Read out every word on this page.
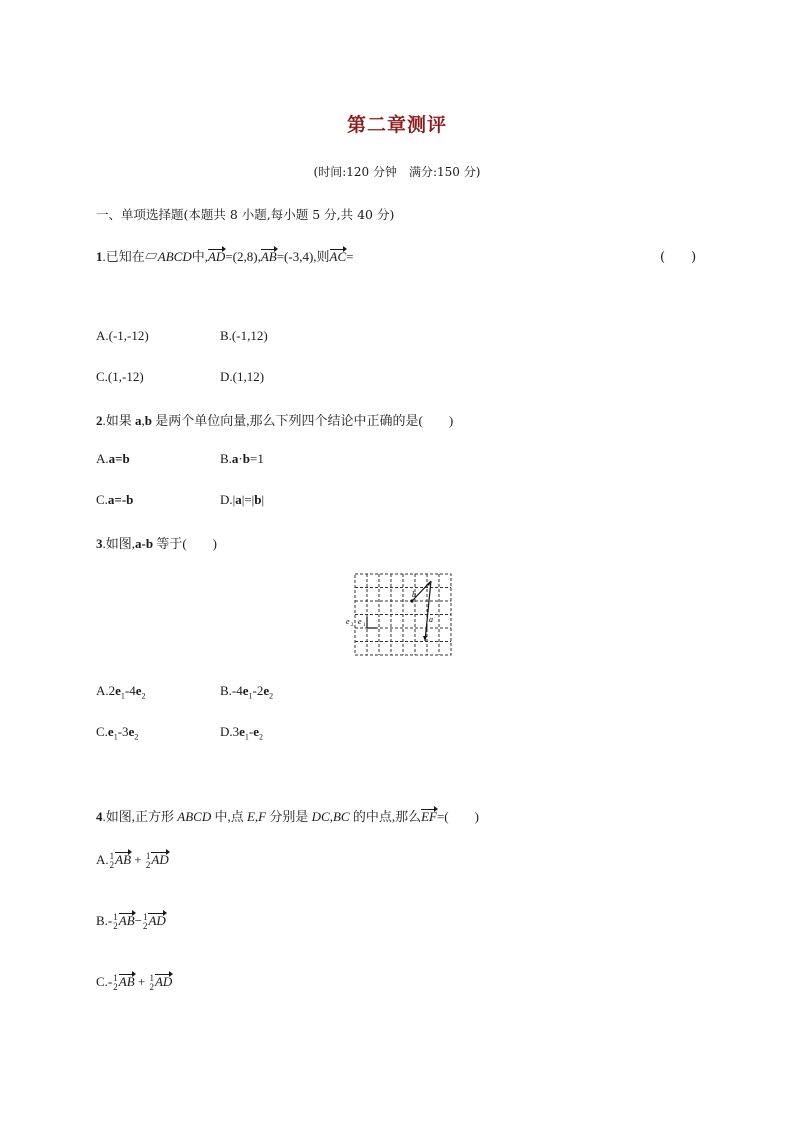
第二章测评
(时间:120 分钟　满分:150 分)
一、单项选择题(本题共 8 小题,每小题 5 分,共 40 分)
1.已知在▱ABCD中,AD=(2,8),AB=(-3,4),则AC=	(　　)
A.(-1,-12)	B.(-1,12)
C.(1,-12)	D.(1,12)
2.如果 a,b 是两个单位向量,那么下列四个结论中正确的是(　　)
A.a=b	B.a·b=1
C.a=-b	D.|a|=|b|
3.如图,a-b 等于(　　)
b
a
e 2 e 1
$A.2e_1-4e_2$	$B.-4e_1-2e_2$
$C.e_1-3e_2$	$D.3e_1-e_2$
4.如图,正方形 ABCD 中,点 E,F 分别是 DC,BC 的中点,那么EF=(　　)
A. 1
2 AB + 1
2 AD
B.- 1
2 AB− 1
2 AD
C.- 1
2 AB + 1
2 AD
